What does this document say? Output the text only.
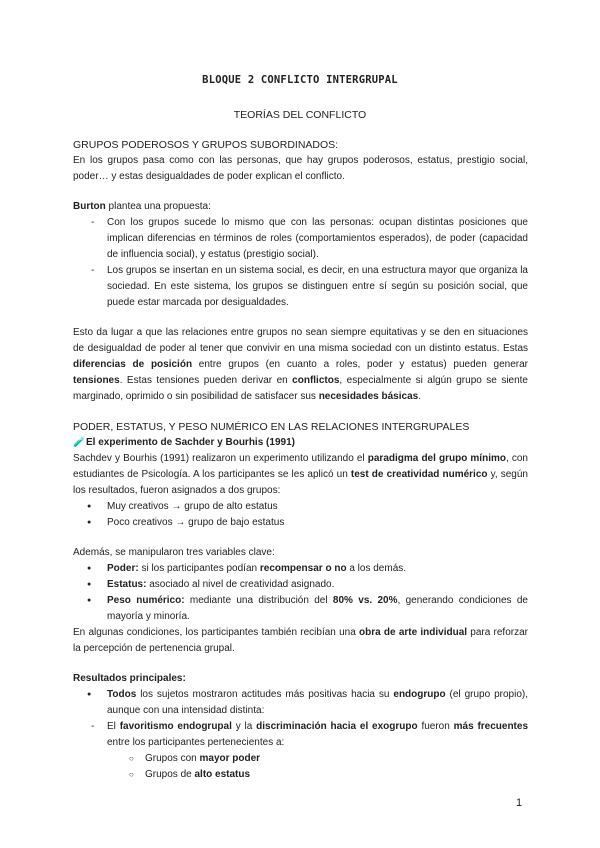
BLOQUE 2 CONFLICTO INTERGRUPAL
TEORÍAS DEL CONFLICTO
GRUPOS PODEROSOS Y GRUPOS SUBORDINADOS:
En los grupos pasa como con las personas, que hay grupos poderosos, estatus, prestigio social, poder… y estas desigualdades de poder explican el conflicto.
Burton plantea una propuesta:
- Con los grupos sucede lo mismo que con las personas: ocupan distintas posiciones que implican diferencias en términos de roles (comportamientos esperados), de poder (capacidad de influencia social), y estatus (prestigio social).
- Los grupos se insertan en un sistema social, es decir, en una estructura mayor que organiza la sociedad. En este sistema, los grupos se distinguen entre sí según su posición social, que puede estar marcada por desigualdades.
Esto da lugar a que las relaciones entre grupos no sean siempre equitativas y se den en situaciones de desigualdad de poder al tener que convivir en una misma sociedad con un distinto estatus. Estas diferencias de posición entre grupos (en cuanto a roles, poder y estatus) pueden generar tensiones. Estas tensiones pueden derivar en conflictos, especialmente si algún grupo se siente marginado, oprimido o sin posibilidad de satisfacer sus necesidades básicas.
PODER, ESTATUS, Y PESO NUMÉRICO EN LAS RELACIONES INTERGRUPALES
🧪El experimento de Sachder y Bourhis (1991)
Sachdev y Bourhis (1991) realizaron un experimento utilizando el paradigma del grupo mínimo, con estudiantes de Psicología. A los participantes se les aplicó un test de creatividad numérico y, según los resultados, fueron asignados a dos grupos:
● Muy creativos → grupo de alto estatus
● Poco creativos → grupo de bajo estatus
Además, se manipularon tres variables clave:
● Poder: si los participantes podían recompensar o no a los demás.
● Estatus: asociado al nivel de creatividad asignado.
● Peso numérico: mediante una distribución del 80% vs. 20%, generando condiciones de mayoría y minoría.
En algunas condiciones, los participantes también recibían una obra de arte individual para reforzar la percepción de pertenencia grupal.
Resultados principales:
● Todos los sujetos mostraron actitudes más positivas hacia su endogrupo (el grupo propio), aunque con una intensidad distinta:
- El favoritismo endogrupal y la discriminación hacia el exogrupo fueron más frecuentes entre los participantes pertenecientes a:
○ Grupos con mayor poder
○ Grupos de alto estatus
1
